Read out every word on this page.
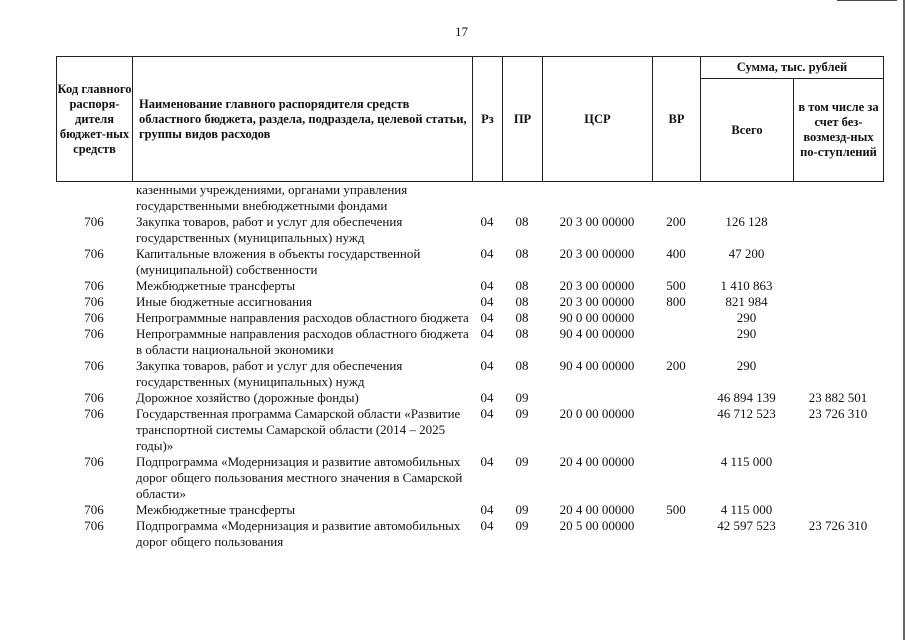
17
Код главного распоря-дителя бюджет-ных средств	Наименование главного распорядителя средств областного бюджета, раздела, подраздела, целевой статьи, группы видов расходов	Рз	ПР	ЦСР	ВР	Сумма, тыс. рублей	
						Всего	в том числе за счет без-возмезд-ных по-ступлений
	казенными учреждениями, органами управления государственными внебюджетными фондами						
706	Закупка товаров, работ и услуг для обеспечения государственных (муниципальных) нужд	04	08	20 3 00 00000	200	126 128	
706	Капитальные вложения в объекты государственной (муниципальной) собственности	04	08	20 3 00 00000	400	47 200	
706	Межбюджетные трансферты	04	08	20 3 00 00000	500	1 410 863	
706	Иные бюджетные ассигнования	04	08	20 3 00 00000	800	821 984	
706	Непрограммные направления расходов областного бюджета	04	08	90 0 00 00000		290	
706	Непрограммные направления расходов областного бюджета в области национальной экономики	04	08	90 4 00 00000		290	
706	Закупка товаров, работ и услуг для обеспечения государственных (муниципальных) нужд	04	08	90 4 00 00000	200	290	
706	Дорожное хозяйство (дорожные фонды)	04	09			46 894 139	23 882 501
706	Государственная программа Самарской области «Развитие транспортной системы Самарской области (2014 – 2025 годы)»	04	09	20 0 00 00000		46 712 523	23 726 310
706	Подпрограмма «Модернизация и развитие автомобильных дорог общего пользования местного значения в Самарской области»	04	09	20 4 00 00000		4 115 000	
706	Межбюджетные трансферты	04	09	20 4 00 00000	500	4 115 000	
706	Подпрограмма «Модернизация и развитие автомобильных дорог общего пользования	04	09	20 5 00 00000		42 597 523	23 726 310
